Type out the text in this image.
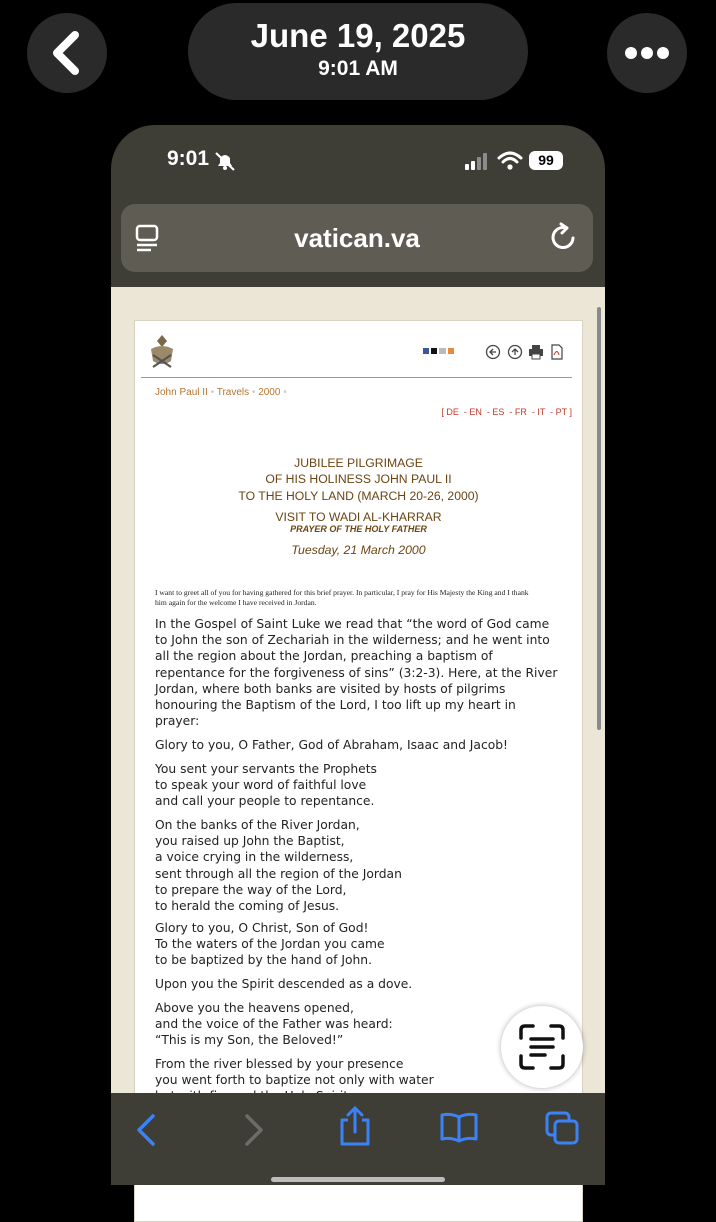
June 19, 2025
9:01 AM
9:01	99
vatican.va
John Paul II • Travels • 2000 •
[ DE  - EN  - ES  - FR  - IT  - PT ]
JUBILEE PILGRIMAGE
OF HIS HOLINESS JOHN PAUL II
TO THE HOLY LAND (MARCH 20-26, 2000)
VISIT TO WADI AL-KHARRAR
PRAYER OF THE HOLY FATHER
Tuesday, 21 March 2000
I want to greet all of you for having gathered for this brief prayer. In particular, I pray for His Majesty the King and I thank
him again for the welcome I have received in Jordan.
In the Gospel of Saint Luke we read that “the word of God came
to John the son of Zechariah in the wilderness; and he went into
all the region about the Jordan, preaching a baptism of
repentance for the forgiveness of sins” (3:2-3). Here, at the River
Jordan, where both banks are visited by hosts of pilgrims
honouring the Baptism of the Lord, I too lift up my heart in
prayer:
Glory to you, O Father, God of Abraham, Isaac and Jacob!
You sent your servants the Prophets
to speak your word of faithful love
and call your people to repentance.
On the banks of the River Jordan,
you raised up John the Baptist,
a voice crying in the wilderness,
sent through all the region of the Jordan
to prepare the way of the Lord,
to herald the coming of Jesus.
Glory to you, O Christ, Son of God!
To the waters of the Jordan you came
to be baptized by the hand of John.
Upon you the Spirit descended as a dove.
Above you the heavens opened,
and the voice of the Father was heard:
“This is my Son, the Beloved!”
From the river blessed by your presence
you went forth to baptize not only with water
